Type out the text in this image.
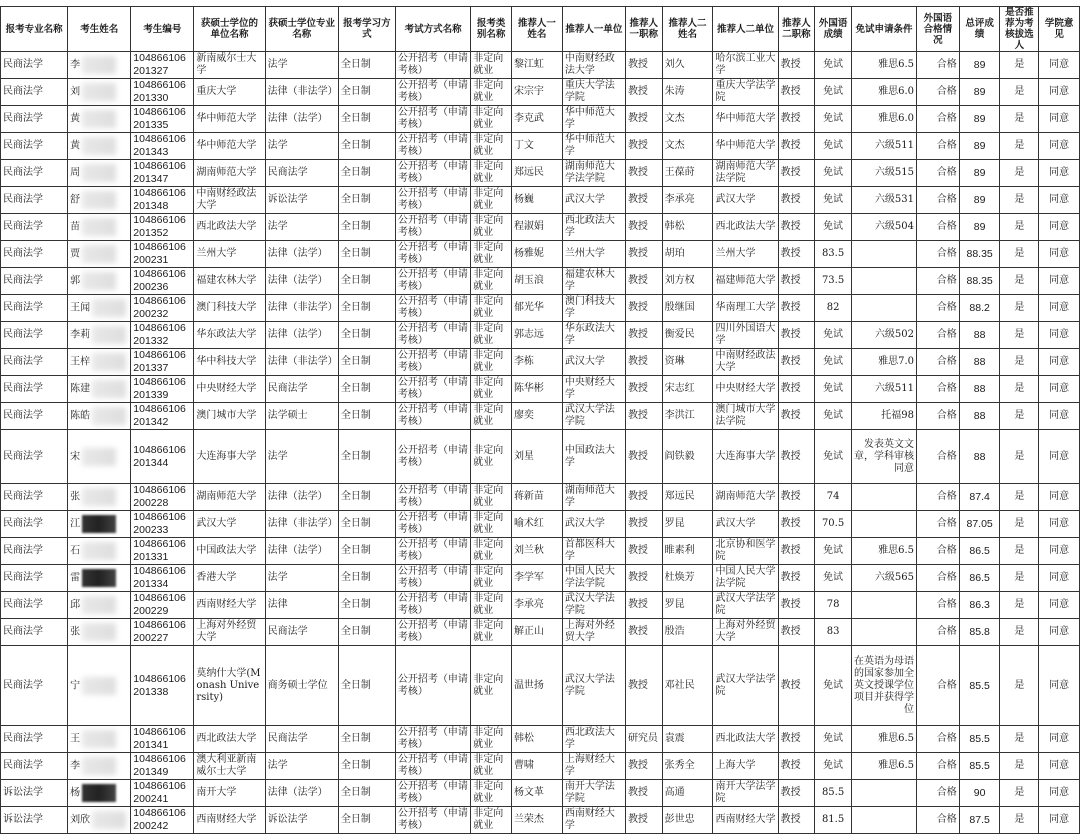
报考专业名称	考生姓名	考生编号	获硕士学位的单位名称	获硕士学位专业名称	报考学习方式	考试方式名称	报考类别名称	推荐人一姓名	推荐人一单位	推荐人一职称	推荐人二姓名	推荐人二单位	推荐人二职称	外国语成绩	免试申请条件	外国语合格情况	总评成绩	是否推荐为考核拔选人	学院意见
民商法学	李	104866106201327	新南威尔士大学	法学	全日制	公开招考（申请考核）	非定向就业	黎江虹	中南财经政法大学	教授	刘久	哈尔滨工业大学	教授	免试	雅思6.5	合格	89	是	同意
民商法学	刘	104866106201330	重庆大学	法律（非法学）	全日制	公开招考（申请考核）	非定向就业	宋宗宇	重庆大学法学院	教授	朱涛	重庆大学法学院	教授	免试	雅思6.0	合格	89	是	同意
民商法学	黄	104866106201335	华中师范大学	法律（法学）	全日制	公开招考（申请考核）	非定向就业	李克武	华中师范大学	教授	文杰	华中师范大学	教授	免试	雅思6.0	合格	89	是	同意
民商法学	黄	104866106201343	华中师范大学	法学	全日制	公开招考（申请考核）	非定向就业	丁文	华中师范大学	教授	文杰	华中师范大学	教授	免试	六级511	合格	89	是	同意
民商法学	周	104866106201347	湖南师范大学	民商法学	全日制	公开招考（申请考核）	非定向就业	郑远民	湖南师范大学法学院	教授	王葆莳	湖南师范大学法学院	教授	免试	六级515	合格	89	是	同意
民商法学	舒	104866106201348	中南财经政法大学	诉讼法学	全日制	公开招考（申请考核）	非定向就业	杨巍	武汉大学	教授	李承亮	武汉大学	教授	免试	六级531	合格	89	是	同意
民商法学	苗	104866106201352	西北政法大学	法学	全日制	公开招考（申请考核）	非定向就业	程淑娟	西北政法大学	教授	韩松	西北政法大学	教授	免试	六级504	合格	89	是	同意
民商法学	贾	104866106200231	兰州大学	法律（法学）	全日制	公开招考（申请考核）	非定向就业	杨雅妮	兰州大学	教授	胡珀	兰州大学	教授	83.5		合格	88.35	是	同意
民商法学	郭	104866106200236	福建农林大学	法律（法学）	全日制	公开招考（申请考核）	非定向就业	胡玉浪	福建农林大学	教授	刘方权	福建师范大学	教授	73.5		合格	88.35	是	同意
民商法学	王闻	104866106200232	澳门科技大学	法律（非法学）	全日制	公开招考（申请考核）	非定向就业	郁光华	澳门科技大学	教授	殷继国	华南理工大学	教授	82		合格	88.2	是	同意
民商法学	李莉	104866106201332	华东政法大学	法律（法学）	全日制	公开招考（申请考核）	非定向就业	郭志远	华东政法大学	教授	衡爱民	四川外国语大学	教授	免试	六级502	合格	88	是	同意
民商法学	王梓	104866106201337	华中科技大学	法律（非法学）	全日制	公开招考（申请考核）	非定向就业	李栋	武汉大学	教授	资琳	中南财经政法大学	教授	免试	雅思7.0	合格	88	是	同意
民商法学	陈建	104866106201339	中央财经大学	民商法学	全日制	公开招考（申请考核）	非定向就业	陈华彬	中央财经大学	教授	宋志红	中央财经大学	教授	免试	六级511	合格	88	是	同意
民商法学	陈皓	104866106201342	澳门城市大学	法学硕士	全日制	公开招考（申请考核）	非定向就业	廖奕	武汉大学法学院	教授	李洪江	澳门城市大学法学院	教授	免试	托福98	合格	88	是	同意
民商法学	宋	104866106201344	大连海事大学	法学	全日制	公开招考（申请考核）	非定向就业	刘星	中国政法大学	教授	阎铁毅	大连海事大学	教授	免试	发表英文文章，学科审核同意	合格	88	是	同意
民商法学	张	104866106200228	湖南师范大学	法律（法学）	全日制	公开招考（申请考核）	非定向就业	蒋新苗	湖南师范大学	教授	郑远民	湖南师范大学	教授	74		合格	87.4	是	同意
民商法学	江	104866106200233	武汉大学	法律（非法学）	全日制	公开招考（申请考核）	非定向就业	喻术红	武汉大学	教授	罗昆	武汉大学	教授	70.5		合格	87.05	是	同意
民商法学	石	104866106201331	中国政法大学	法律（法学）	全日制	公开招考（申请考核）	非定向就业	刘兰秋	首都医科大学	教授	睢素利	北京协和医学院	教授	免试	雅思6.5	合格	86.5	是	同意
民商法学	雷	104866106201334	香港大学	法学	全日制	公开招考（申请考核）	非定向就业	李学军	中国人民大学法学院	教授	杜焕芳	中国人民大学法学院	教授	免试	六级565	合格	86.5	是	同意
民商法学	邱	104866106200229	西南财经大学	法律	全日制	公开招考（申请考核）	非定向就业	李承亮	武汉大学法学院	教授	罗昆	武汉大学法学院	教授	78		合格	86.3	是	同意
民商法学	张	104866106200227	上海对外经贸大学	民商法学	全日制	公开招考（申请考核）	非定向就业	解正山	上海对外经贸大学	教授	殷浩	上海对外经贸大学	教授	83		合格	85.8	是	同意
民商法学	宁	104866106201338	莫纳什大学(Monash University)	商务硕士学位	全日制	公开招考（申请考核）	非定向就业	温世扬	武汉大学法学院	教授	邓社民	武汉大学法学院	教授	免试	在英语为母语的国家参加全英文授课学位项目并获得学位	合格	85.5	是	同意
民商法学	王	104866106201341	西北政法大学	民商法学	全日制	公开招考（申请考核）	非定向就业	韩松	西北政法大学	研究员	袁震	西北政法大学	教授	免试	雅思6.5	合格	85.5	是	同意
民商法学	李	104866106201349	澳大利亚新南威尔士大学	法学	全日制	公开招考（申请考核）	非定向就业	曹啸	上海财经大学	教授	张秀全	上海大学	教授	免试	雅思6.5	合格	85.5	是	同意
诉讼法学	杨	104866106200241	南开大学	法律（法学）	全日制	公开招考（申请考核）	非定向就业	杨文革	南开大学法学院	教授	高通	南开大学法学院	教授	85.5		合格	90	是	同意
诉讼法学	刘欣	104866106200242	西南财经大学	诉讼法学	全日制	公开招考（申请考核）	非定向就业	兰荣杰	西南财经大学	教授	彭世忠	西南财经大学	教授	81.5		合格	87.5	是	同意
